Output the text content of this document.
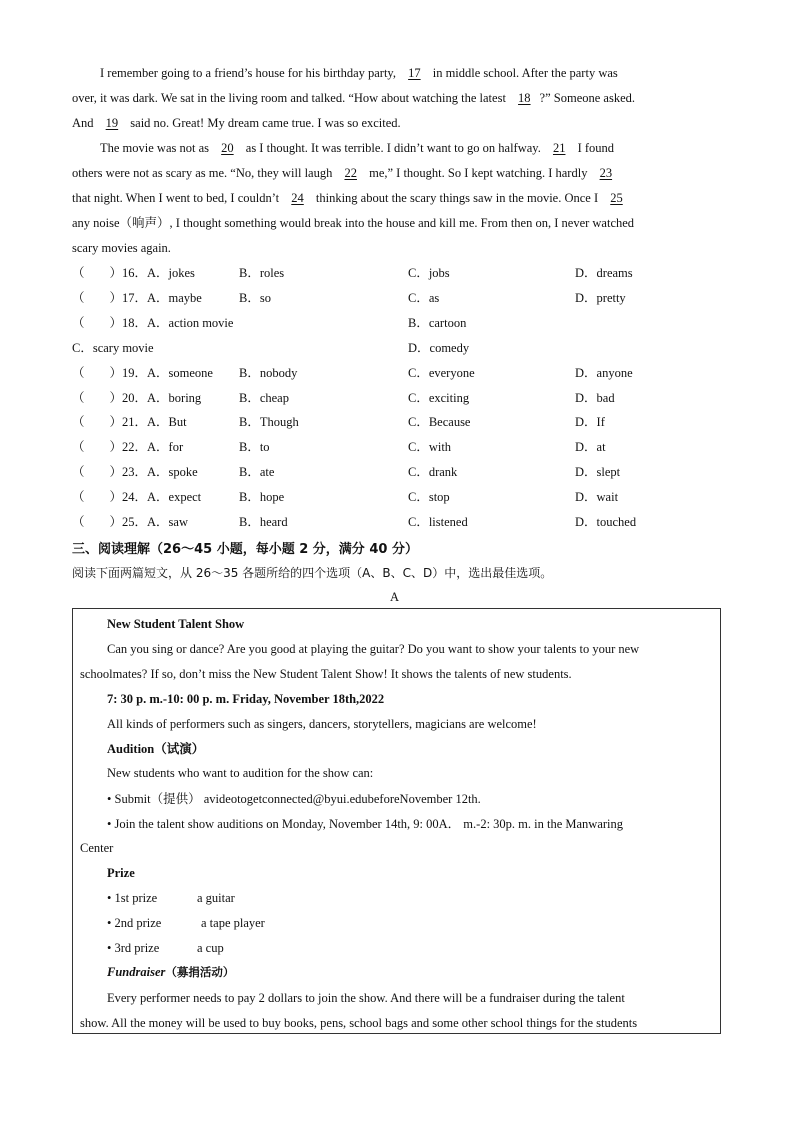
I remember going to a friend’s house for his birthday party, 17 in middle school. After the party was
over, it was dark. We sat in the living room and talked. “How about watching the latest 18 ?” Someone asked.
And 19 said no. Great! My dream came true. I was so excited.
The movie was not as 20 as I thought. It was terrible. I didn’t want to go on halfway. 21 I found
others were not as scary as me. “No, they will laugh 22 me,” I thought. So I kept watching. I hardly 23
that night. When I went to bed, I couldn’t 24 thinking about the scary things saw in the movie. Once I 25
any noise（响声）, I thought something would break into the house and kill me. From then on, I never watched
scary movies again.
（　　）16．A．jokes	B．roles	C．jobs	D．dreams
（　　）17．A．maybe	B．so	C．as	D．pretty
（　　）18．A．action movie	B．cartoon
C．scary movie	D．comedy
（　　）19．A．someone B．nobody	C．everyone	D．anyone
（　　）20．A．boring	B．cheap	C．exciting	D．bad
（　　）21．A．But	B．Though	C．Because	D．If
（　　）22．A．for	B．to	C．with	D．at
（　　）23．A．spoke	B．ate	C．drank	D．slept
（　　）24．A．expect	B．hope	C．stop	D．wait
（　　）25．A．saw	B．heard	C．listened	D．touched
三、阅读理解（26～45 小题，每小题 2 分，满分 40 分）
阅读下面两篇短文，从 26～35 各题所给的四个选项（A、B、C、D）中，选出最佳选项。
A
New Student Talent Show
Can you sing or dance? Are you good at playing the guitar? Do you want to show your talents to your new
schoolmates? If so, don’t miss the New Student Talent Show! It shows the talents of new students.
7: 30 p. m.-10: 00 p. m. Friday, November 18th,2022
All kinds of performers such as singers, dancers, storytellers, magicians are welcome!
Audition（试演）
New students who want to audition for the show can:
• Submit（提供） avideotogetconnected@byui.edubeforeNovember 12th.
• Join the talent show auditions on Monday, November 14th, 9: 00A． m.-2: 30p. m. in the Manwaring
Center
Prize
• 1st prize	a guitar
• 2nd prize	a tape player
• 3rd prize	a cup
Fundraiser（募捐活动）
Every performer needs to pay 2 dollars to join the show. And there will be a fundraiser during the talent
show. All the money will be used to buy books, pens, school bags and some other school things for the students
